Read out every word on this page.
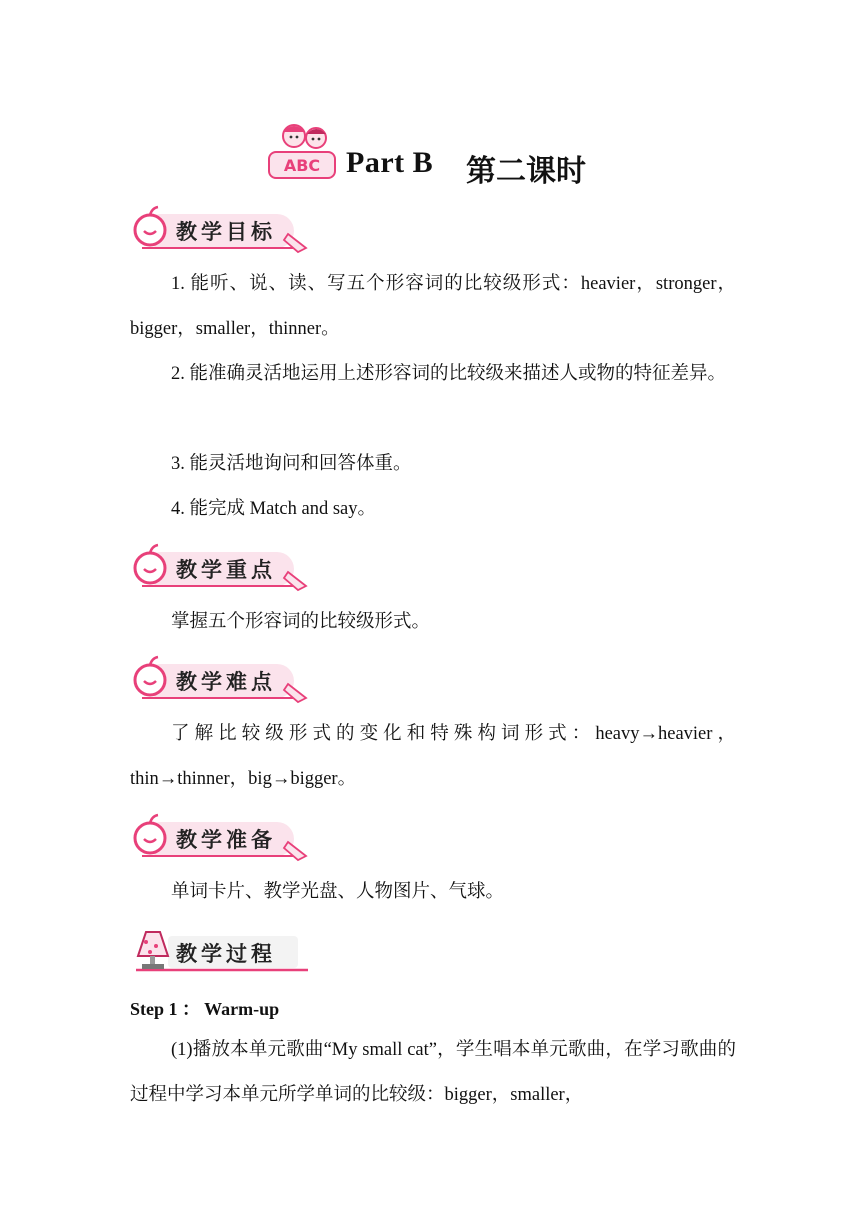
ABC Part B 第二课时
教学目标

1. 能听、说、读、写五个形容词的比较级形式：heavier，stronger，bigger，smaller，thinner。

2. 能准确灵活地运用上述形容词的比较级来描述人或物的特征差异。

3. 能灵活地询问和回答体重。

4. 能完成 Match and say。

教学重点

掌握五个形容词的比较级形式。

教学难点

了解比较级形式的变化和特殊构词形式：heavy→heavier，thin→thinner，big→bigger。

教学准备

单词卡片、教学光盘、人物图片、气球。

教学过程
Step 1 ： Warm-up

(1)播放本单元歌曲“My small cat”，学生唱本单元歌曲，在学习歌曲的过程中学习本单元所学单词的比较级：bigger，smaller，
